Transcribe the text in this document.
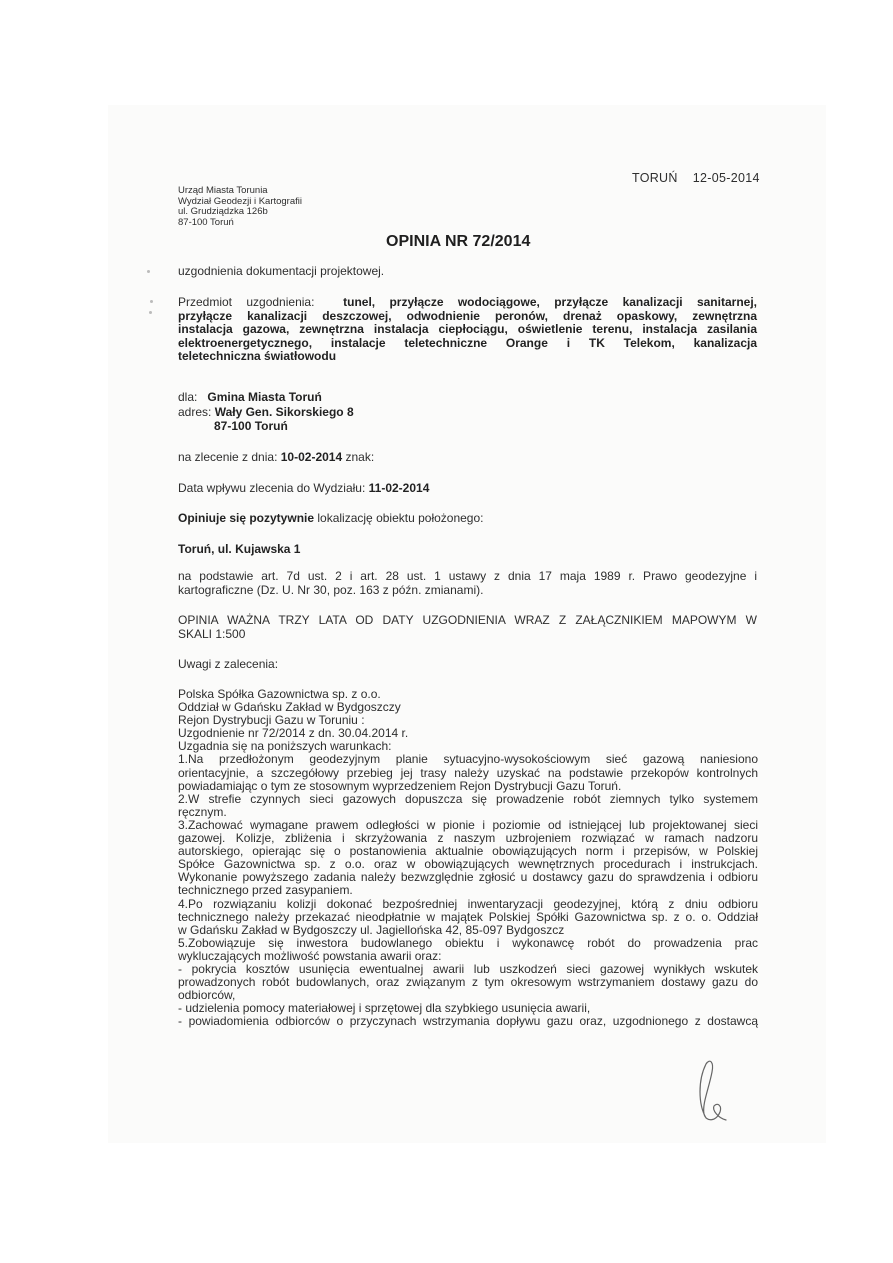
TORUŃ    12-05-2014
Urząd Miasta Torunia
Wydział Geodezji i Kartografii
ul. Grudziądzka 126b
87-100 Toruń
OPINIA NR 72/2014
uzgodnienia dokumentacji projektowej.
Przedmiot uzgodnienia: tunel, przyłącze wodociągowe, przyłącze kanalizacji sanitarnej,
przyłącze kanalizacji deszczowej, odwodnienie peronów, drenaż opaskowy, zewnętrzna
instalacja gazowa, zewnętrzna instalacja ciepłociągu, oświetlenie terenu, instalacja zasilania
elektroenergetycznego, instalacje teletechniczne Orange i TK Telekom, kanalizacja
teletechniczna światłowodu
dla: Gmina Miasta Toruń
adres: Wały Gen. Sikorskiego 8
87-100 Toruń
na zlecenie z dnia: 10-02-2014 znak:
Data wpływu zlecenia do Wydziału: 11-02-2014
Opiniuje się pozytywnie lokalizację obiektu położonego:
Toruń, ul. Kujawska 1
na podstawie art. 7d ust. 2 i art. 28 ust. 1 ustawy z dnia 17 maja 1989 r. Prawo geodezyjne i
kartograficzne (Dz. U. Nr 30, poz. 163 z późn. zmianami).
OPINIA WAŻNA TRZY LATA OD DATY UZGODNIENIA WRAZ Z ZAŁĄCZNIKIEM MAPOWYM W
SKALI 1:500
Uwagi z zalecenia:
Polska Spółka Gazownictwa sp. z o.o.
Oddział w Gdańsku Zakład w Bydgoszczy
Rejon Dystrybucji Gazu w Toruniu :
Uzgodnienie nr 72/2014 z dn. 30.04.2014 r.
Uzgadnia się na poniższych warunkach:
1.Na przedłożonym geodezyjnym planie sytuacyjno-wysokościowym sieć gazową naniesiono
orientacyjnie, a szczegółowy przebieg jej trasy należy uzyskać na podstawie przekopów kontrolnych
powiadamiając o tym ze stosownym wyprzedzeniem Rejon Dystrybucji Gazu Toruń.
2.W strefie czynnych sieci gazowych dopuszcza się prowadzenie robót ziemnych tylko systemem
ręcznym.
3.Zachować wymagane prawem odległości w pionie i poziomie od istniejącej lub projektowanej sieci
gazowej. Kolizje, zbliżenia i skrzyżowania z naszym uzbrojeniem rozwiązać w ramach nadzoru
autorskiego, opierając się o postanowienia aktualnie obowiązujących norm i przepisów, w Polskiej
Spółce Gazownictwa sp. z o.o. oraz w obowiązujących wewnętrznych procedurach i instrukcjach.
Wykonanie powyższego zadania należy bezwzględnie zgłosić u dostawcy gazu do sprawdzenia i odbioru
technicznego przed zasypaniem.
4.Po rozwiązaniu kolizji dokonać bezpośredniej inwentaryzacji geodezyjnej, którą z dniu odbioru
technicznego należy przekazać nieodpłatnie w majątek Polskiej Spółki Gazownictwa sp. z o. o. Oddział
w Gdańsku Zakład w Bydgoszczy ul. Jagiellońska 42, 85-097 Bydgoszcz
5.Zobowiązuje się inwestora budowlanego obiektu i wykonawcę robót do prowadzenia prac
wykluczających możliwość powstania awarii oraz:
- pokrycia kosztów usunięcia ewentualnej awarii lub uszkodzeń sieci gazowej wynikłych wskutek
prowadzonych robót budowlanych, oraz związanym z tym okresowym wstrzymaniem dostawy gazu do
odbiorców,
- udzielenia pomocy materiałowej i sprzętowej dla szybkiego usunięcia awarii,
- powiadomienia odbiorców o przyczynach wstrzymania dopływu gazu oraz, uzgodnionego z dostawcą
